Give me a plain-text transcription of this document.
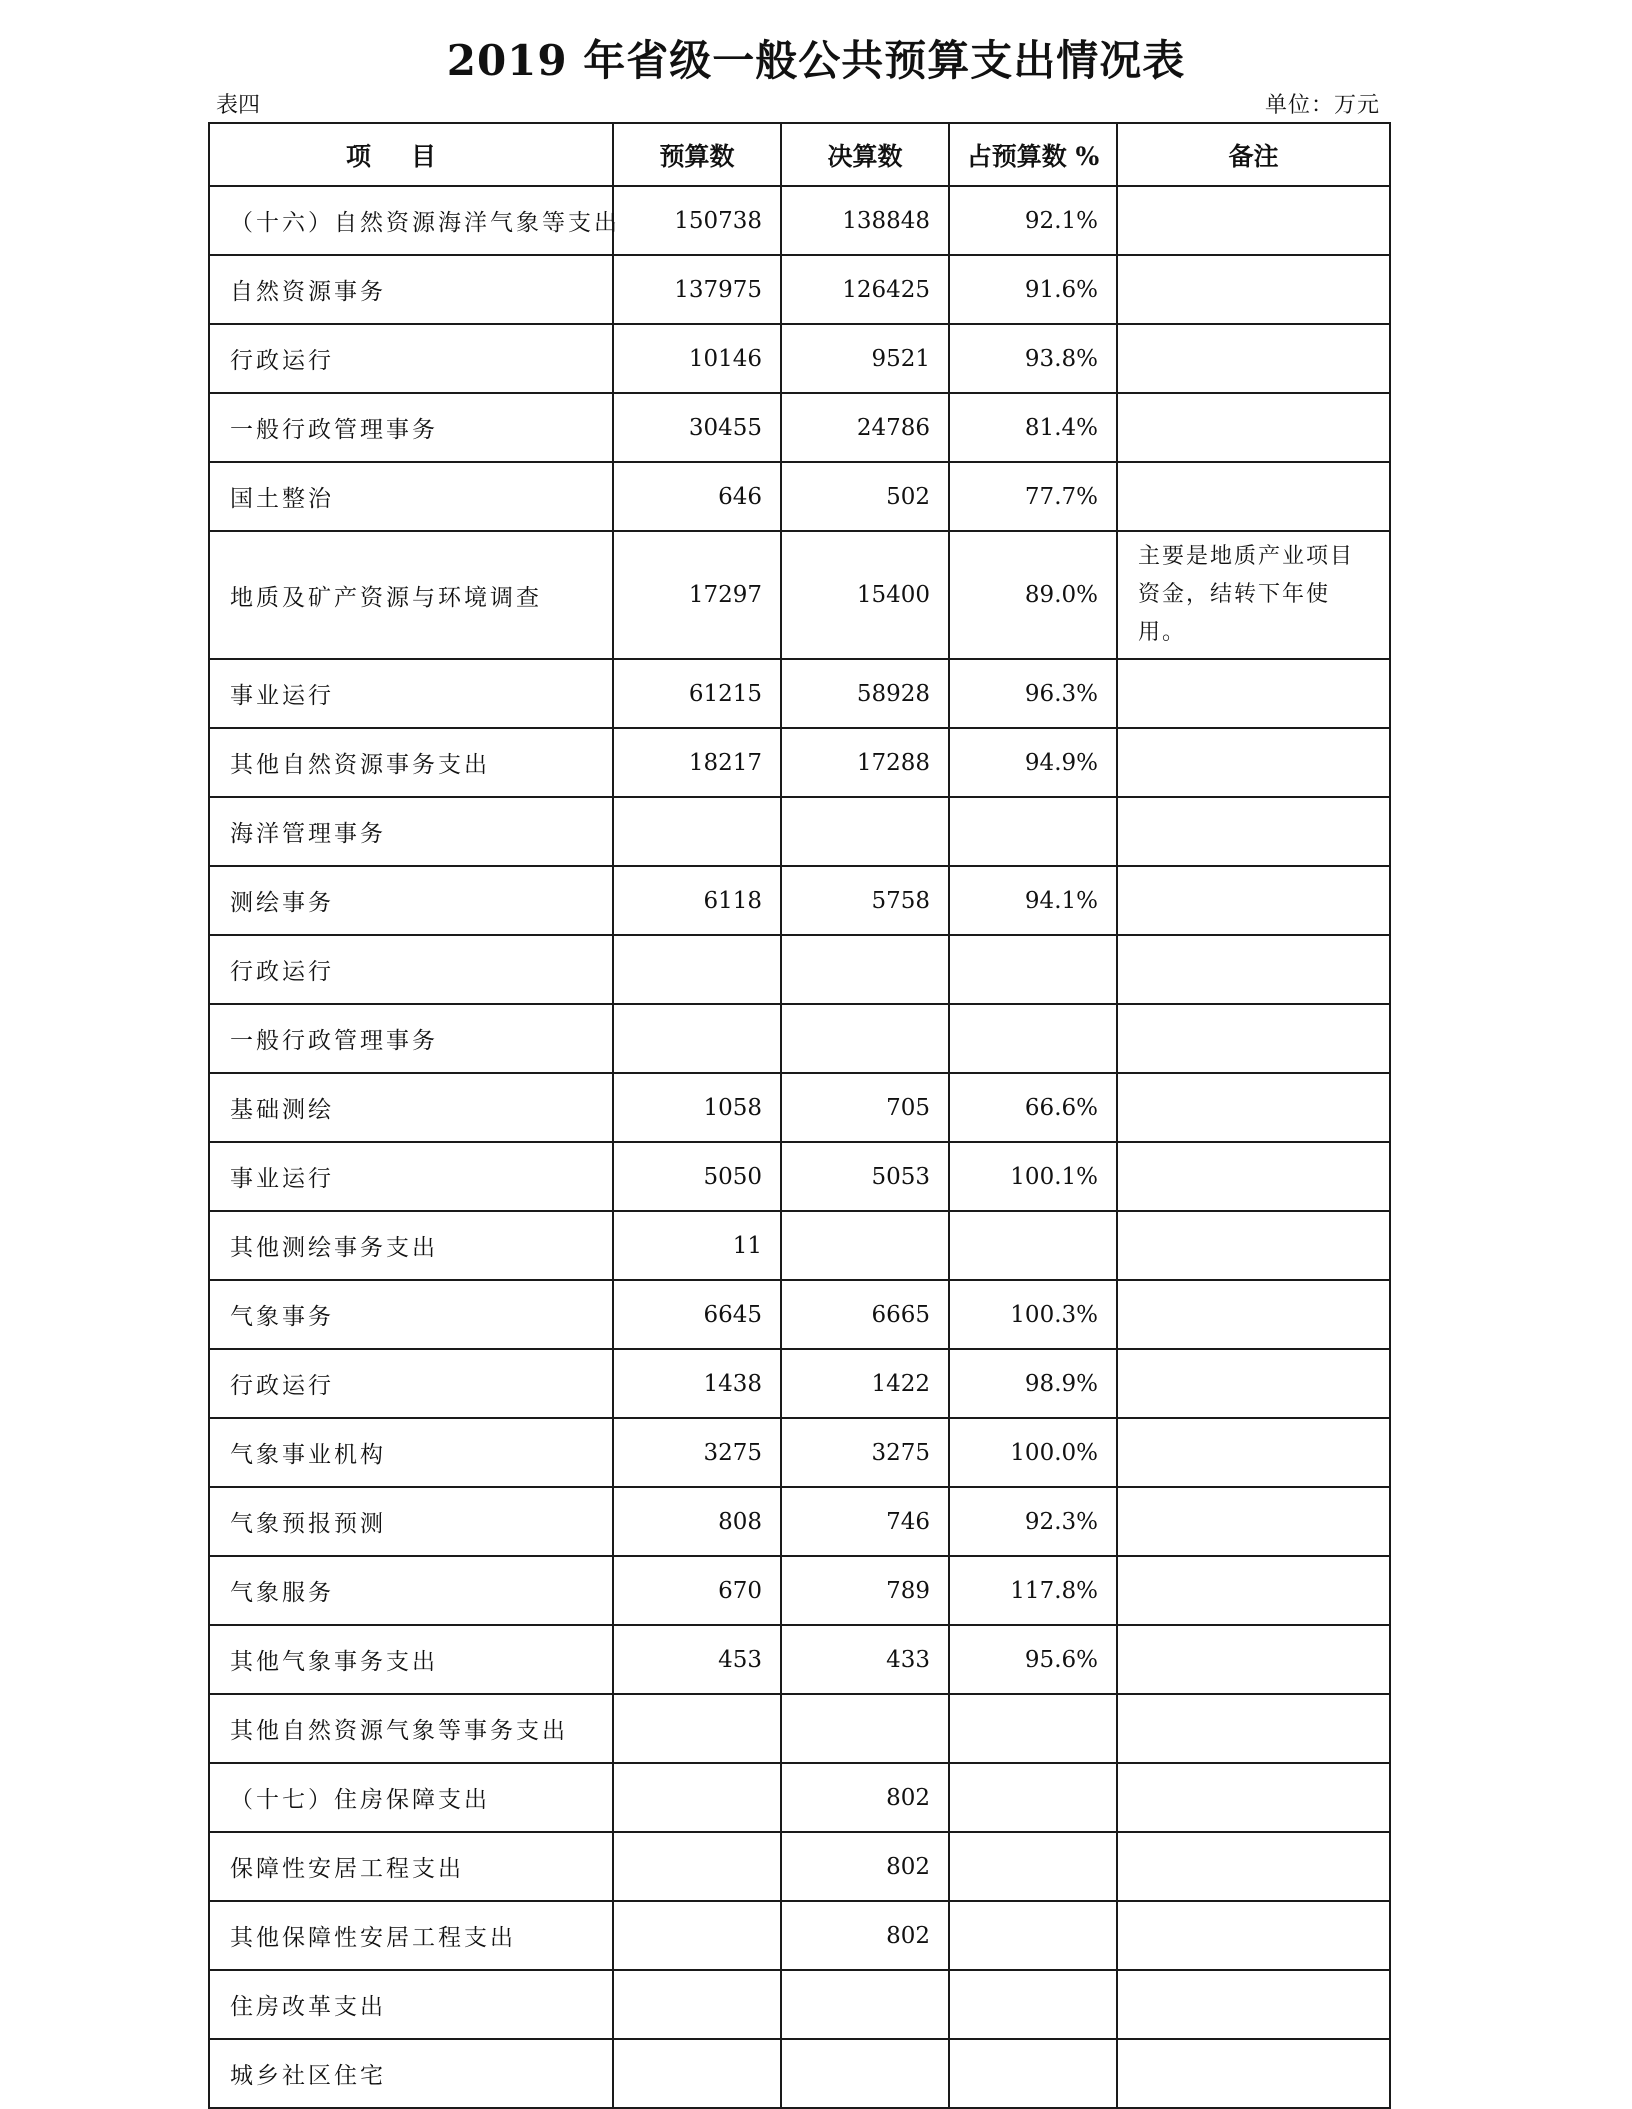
2019 年省级一般公共预算支出情况表
表四	单位：万元
项目	预算数	决算数	占预算数 %	备注
（十六）自然资源海洋气象等支出	150738	138848	92.1%	
自然资源事务	137975	126425	91.6%	
行政运行	10146	9521	93.8%	
一般行政管理事务	30455	24786	81.4%	
国土整治	646	502	77.7%	
地质及矿产资源与环境调查	17297	15400	89.0%	主要是地质产业项目资金，结转下年使用。
事业运行	61215	58928	96.3%	
其他自然资源事务支出	18217	17288	94.9%	
海洋管理事务				
测绘事务	6118	5758	94.1%	
行政运行				
一般行政管理事务				
基础测绘	1058	705	66.6%	
事业运行	5050	5053	100.1%	
其他测绘事务支出	11			
气象事务	6645	6665	100.3%	
行政运行	1438	1422	98.9%	
气象事业机构	3275	3275	100.0%	
气象预报预测	808	746	92.3%	
气象服务	670	789	117.8%	
其他气象事务支出	453	433	95.6%	
其他自然资源气象等事务支出				
（十七）住房保障支出		802		
保障性安居工程支出		802		
其他保障性安居工程支出		802		
住房改革支出				
城乡社区住宅				
